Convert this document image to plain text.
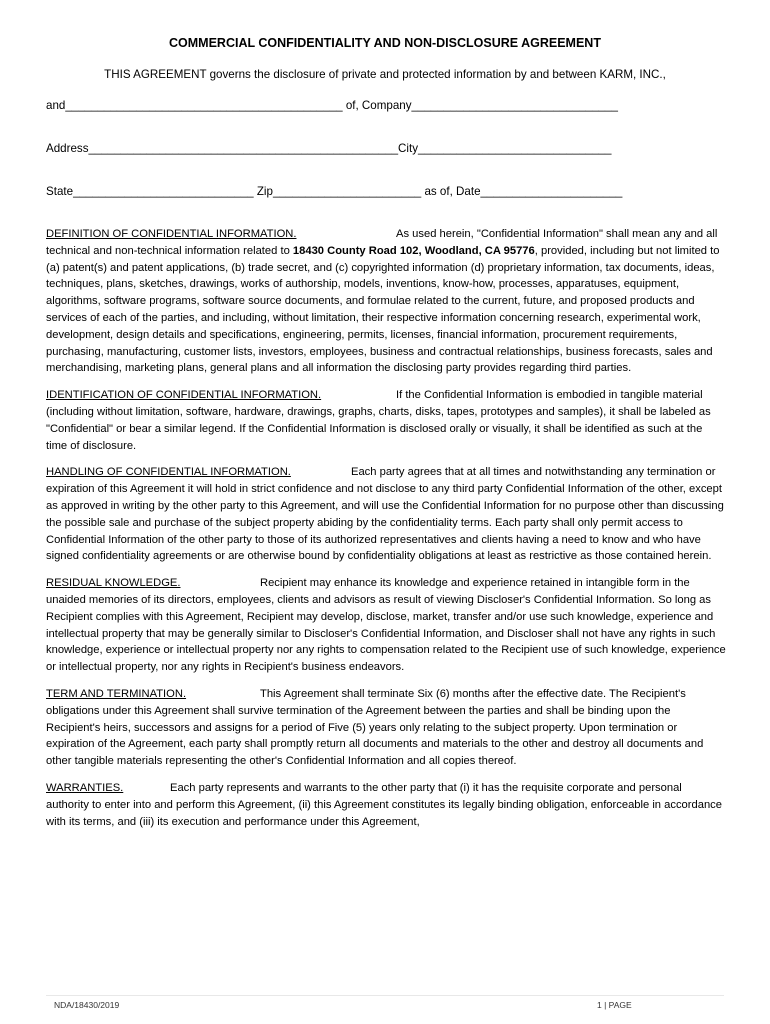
COMMERCIAL CONFIDENTIALITY AND NON-DISCLOSURE AGREEMENT
THIS AGREEMENT governs the disclosure of private and protected information by and between KARM, INC.,
and___________________________________________ of, Company________________________________
Address________________________________________________City______________________________
State____________________________ Zip_______________________ as of, Date______________________

DEFINITION OF CONFIDENTIAL INFORMATION.	As used herein, "Confidential Information" shall mean any and all technical and non-technical information related to 18430 County Road 102, Woodland, CA 95776, provided, including but not limited to (a) patent(s) and patent applications, (b) trade secret, and (c) copyrighted information (d) proprietary information, tax documents, ideas, techniques, plans, sketches, drawings, works of authorship, models, inventions, know-how, processes, apparatuses, equipment, algorithms, software programs, software source documents, and formulae related to the current, future, and proposed products and services of each of the parties, and including, without limitation, their respective information concerning research, experimental work, development, design details and specifications, engineering, permits, licenses, financial information, procurement requirements, purchasing, manufacturing, customer lists, investors, employees, business and contractual relationships, business forecasts, sales and merchandising, marketing plans, general plans and all information the disclosing party provides regarding third parties.

IDENTIFICATION OF CONFIDENTIAL INFORMATION.	If the Confidential Information is embodied in tangible material (including without limitation, software, hardware, drawings, graphs, charts, disks, tapes, prototypes and samples), it shall be labeled as "Confidential" or bear a similar legend. If the Confidential Information is disclosed orally or visually, it shall be identified as such at the time of disclosure.

HANDLING OF CONFIDENTIAL INFORMATION.	Each party agrees that at all times and notwithstanding any termination or expiration of this Agreement it will hold in strict confidence and not disclose to any third party Confidential Information of the other, except as approved in writing by the other party to this Agreement, and will use the Confidential Information for no purpose other than discussing the possible sale and purchase of the subject property abiding by the confidentiality terms. Each party shall only permit access to Confidential Information of the other party to those of its authorized representatives and clients having a need to know and who have signed confidentiality agreements or are otherwise bound by confidentiality obligations at least as restrictive as those contained herein.

RESIDUAL KNOWLEDGE.	Recipient may enhance its knowledge and experience retained in intangible form in the unaided memories of its directors, employees, clients and advisors as result of viewing Discloser's Confidential Information. So long as Recipient complies with this Agreement, Recipient may develop, disclose, market, transfer and/or use such knowledge, experience and intellectual property that may be generally similar to Discloser's Confidential Information, and Discloser shall not have any rights in such knowledge, experience or intellectual property nor any rights to compensation related to the Recipient use of such knowledge, experience or intellectual property, nor any rights in Recipient's business endeavors.

TERM AND TERMINATION.	This Agreement shall terminate Six (6) months after the effective date. The Recipient's obligations under this Agreement shall survive termination of the Agreement between the parties and shall be binding upon the Recipient's heirs, successors and assigns for a period of Five (5) years only relating to the subject property. Upon termination or expiration of the Agreement, each party shall promptly return all documents and materials to the other and destroy all documents and other tangible materials representing the other's Confidential Information and all copies thereof.

WARRANTIES.	Each party represents and warrants to the other party that (i) it has the requisite corporate and personal authority to enter into and perform this Agreement, (ii) this Agreement constitutes its legally binding obligation, enforceable in accordance with its terms, and (iii) its execution and performance under this Agreement,

NDA/18430/2019	1 | PAGE
